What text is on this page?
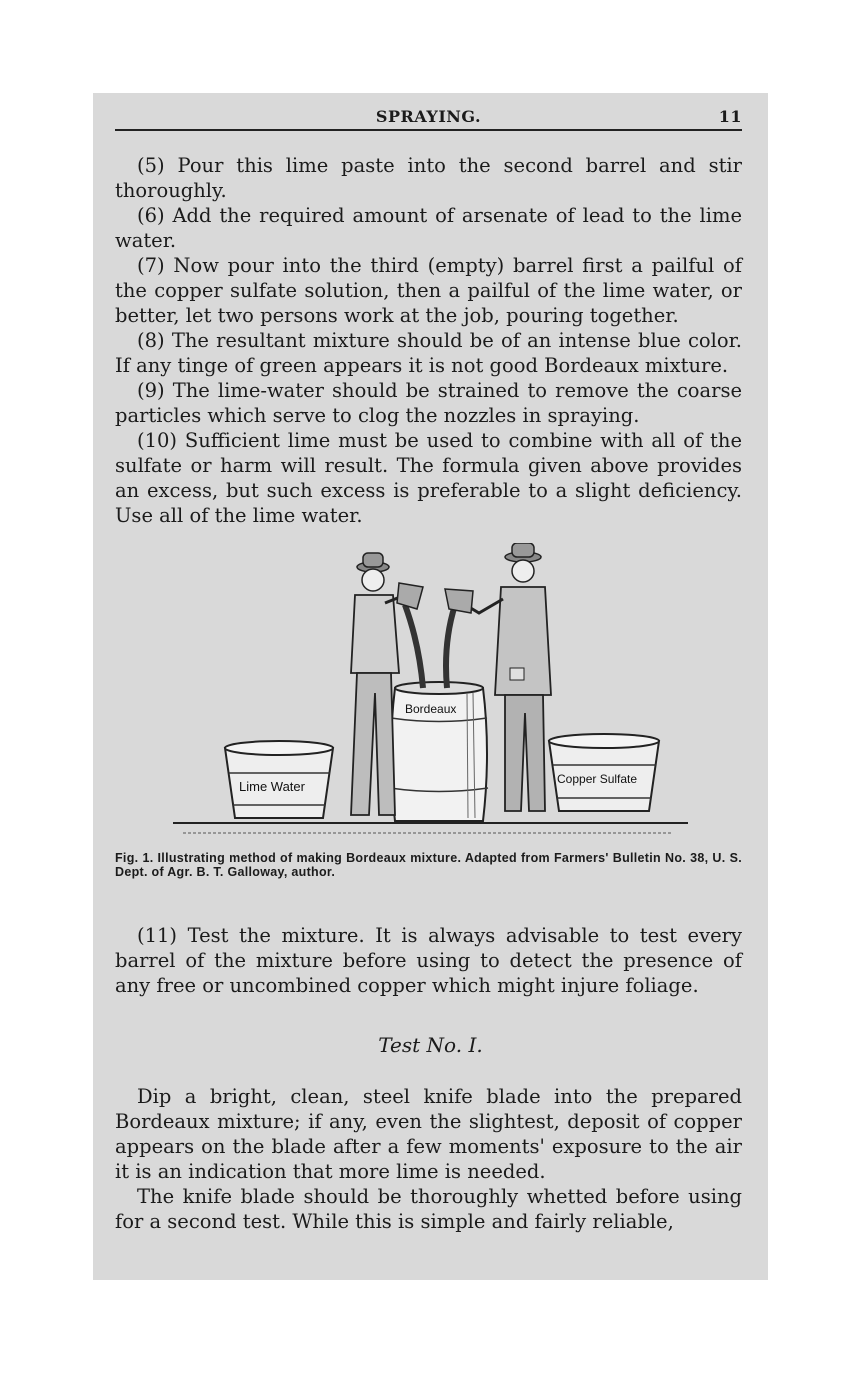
SPRAYING.	11

(5) Pour this lime paste into the second barrel and stir thoroughly.

(6) Add the required amount of arsenate of lead to the lime water.

(7) Now pour into the third (empty) barrel first a pailful of the copper sulfate solution, then a pailful of the lime water, or better, let two persons work at the job, pouring together.

(8) The resultant mixture should be of an intense blue color. If any tinge of green appears it is not good Bordeaux mixture.

(9) The lime-water should be strained to remove the coarse particles which serve to clog the nozzles in spraying.

(10) Sufficient lime must be used to combine with all of the sulfate or harm will result. The formula given above provides an excess, but such excess is preferable to a slight deficiency. Use all of the lime water.

Lime Water	Copper Sulfate
Bordeaux
Fig. 1. Illustrating method of making Bordeaux mixture. Adapted from Farmers' Bulletin No. 38, U. S. Dept. of Agr. B. T. Galloway, author.

(11) Test the mixture. It is always advisable to test every barrel of the mixture before using to detect the presence of any free or uncombined copper which might injure foliage.

Test No. I.

Dip a bright, clean, steel knife blade into the prepared Bordeaux mixture; if any, even the slightest, deposit of copper appears on the blade after a few moments' exposure to the air it is an indication that more lime is needed.

The knife blade should be thoroughly whetted before using for a second test. While this is simple and fairly reliable,
